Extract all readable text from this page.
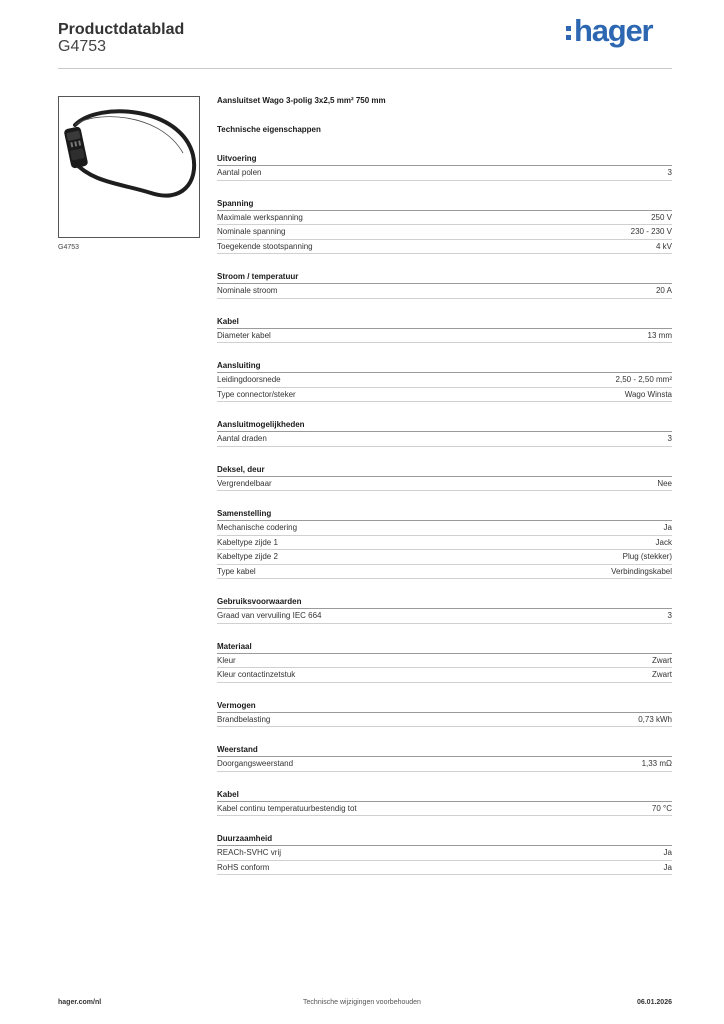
Productdatablad
G4753	hager
G4753
Aansluitset Wago 3-polig 3x2,5 mm² 750 mm
Technische eigenschappen
Uitvoering
Aantal polen	3
Spanning
Maximale werkspanning	250 V
Nominale spanning	230 - 230 V
Toegekende stootspanning	4 kV
Stroom / temperatuur
Nominale stroom	20 A
Kabel
Diameter kabel	13 mm
Aansluiting
Leidingdoorsnede	2,50 - 2,50 mm²
Type connector/steker	Wago Winsta
Aansluitmogelijkheden
Aantal draden	3
Deksel, deur
Vergrendelbaar	Nee
Samenstelling
Mechanische codering	Ja
Kabeltype zijde 1	Jack
Kabeltype zijde 2	Plug (stekker)
Type kabel	Verbindingskabel
Gebruiksvoorwaarden
Graad van vervuiling IEC 664	3
Materiaal
Kleur	Zwart
Kleur contactinzetstuk	Zwart
Vermogen
Brandbelasting	0,73 kWh
Weerstand
Doorgangsweerstand	1,33 mΩ
Kabel
Kabel continu temperatuurbestendig tot	70 °C
Duurzaamheid
REACh-SVHC vrij	Ja
RoHS conform	Ja
hager.com/nl	Technische wijzigingen voorbehouden	06.01.2026
